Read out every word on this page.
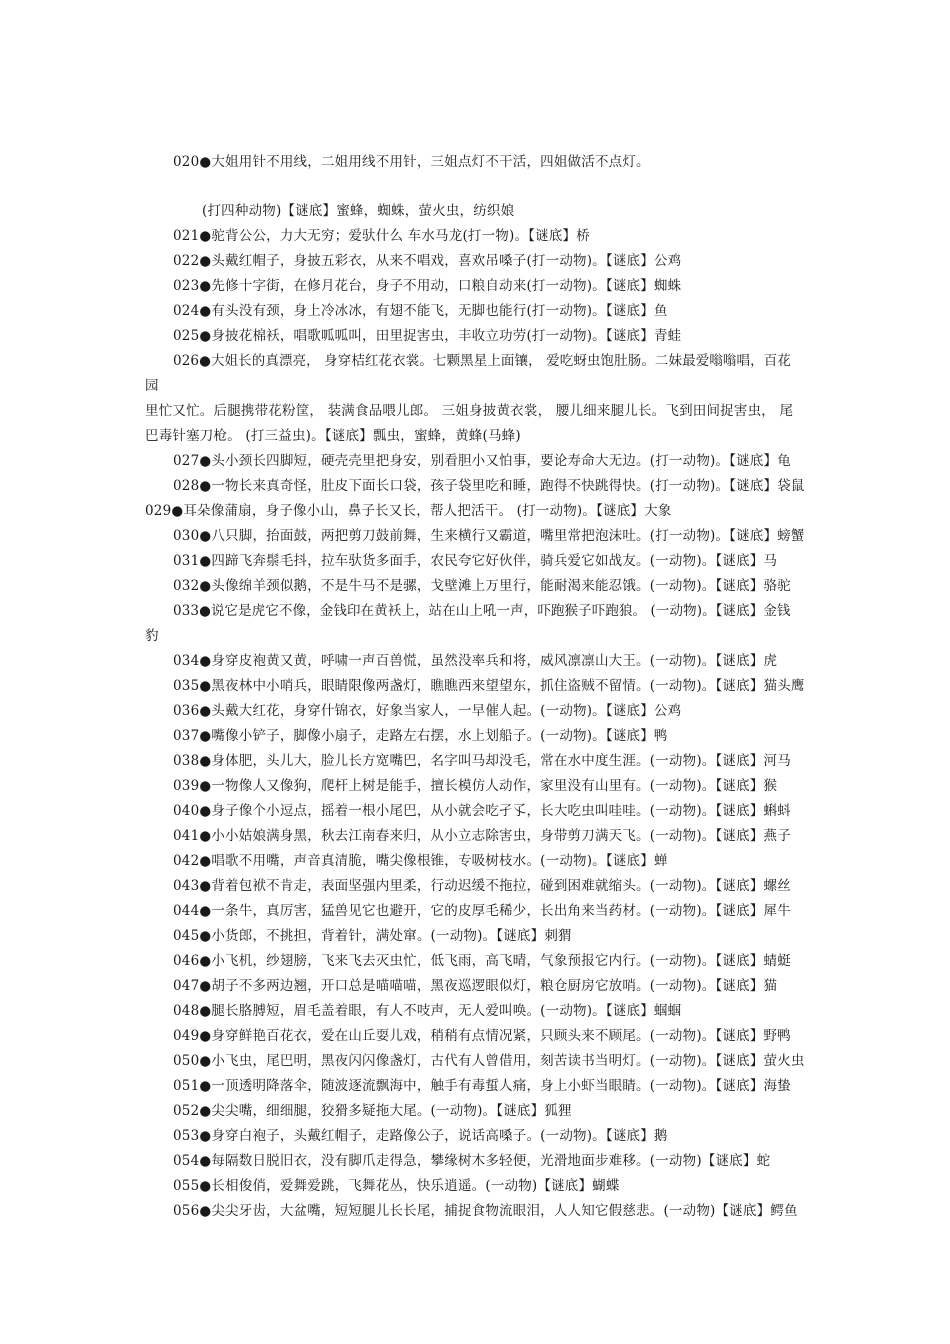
020●大姐用针不用线，二姐用线不用针，三姐点灯不干活，四姐做活不点灯。
(打四种动物)【谜底】蜜蜂，蜘蛛，萤火虫，纺织娘
021●驼背公公，力大无穷；爱驮什么 车水马龙(打一物)。【谜底】桥
022●头戴红帽子，身披五彩衣，从来不唱戏，喜欢吊嗓子(打一动物)。【谜底】公鸡
023●先修十字街，在修月花台，身子不用动，口粮自动来(打一动物)。【谜底】蜘蛛
024●有头没有颈，身上冷冰冰，有翅不能飞，无脚也能行(打一动物)。【谜底】鱼
025●身披花棉袄，唱歌呱呱叫，田里捉害虫，丰收立功劳(打一动物)。【谜底】青蛙
026●大姐长的真漂亮， 身穿桔红花衣裳。七颗黑星上面镶， 爱吃蚜虫饱肚肠。二妹最爱嗡嗡唱，百花
园
里忙又忙。后腿携带花粉筐， 装满食品喂儿郎。 三姐身披黄衣裳， 腰儿细来腿儿长。飞到田间捉害虫， 尾
巴毒针塞刀枪。 (打三益虫)。【谜底】瓢虫，蜜蜂，黄蜂(马蜂)
027●头小颈长四脚短，硬壳壳里把身安，别看胆小又怕事，要论寿命大无边。(打一动物)。【谜底】龟
028●一物长来真奇怪，肚皮下面长口袋，孩子袋里吃和睡，跑得不快跳得快。(打一动物)。【谜底】袋鼠
029●耳朵像蒲扇，身子像小山，鼻子长又长，帮人把活干。 (打一动物)。【谜底】大象
030●八只脚，抬面鼓，两把剪刀鼓前舞，生来横行又霸道，嘴里常把泡沫吐。(打一动物)。【谜底】螃蟹
031●四蹄飞奔鬃毛抖，拉车驮货多面手，农民夸它好伙伴，骑兵爱它如战友。(一动物)。【谜底】马
032●头像绵羊颈似鹅，不是牛马不是骡，戈壁滩上万里行，能耐渴来能忍饿。(一动物)。【谜底】骆驼
033●说它是虎它不像，金钱印在黄袄上，站在山上吼一声，吓跑猴子吓跑狼。 (一动物)。【谜底】金钱
豹
034●身穿皮袍黄又黄，呼啸一声百兽慌，虽然没率兵和将，威风凛凛山大王。(一动物)。【谜底】虎
035●黑夜林中小哨兵，眼睛限像两盏灯，瞧瞧西来望望东，抓住盗贼不留情。(一动物)。【谜底】猫头鹰
036●头戴大红花，身穿什锦衣，好象当家人，一早催人起。(一动物)。【谜底】公鸡
037●嘴像小铲子，脚像小扇子，走路左右摆，水上划船子。(一动物)。【谜底】鸭
038●身体肥，头儿大，脸儿长方宽嘴巴，名字叫马却没毛，常在水中度生涯。(一动物)。【谜底】河马
039●一物像人又像狗，爬杆上树是能手，擅长模仿人动作，家里没有山里有。(一动物)。【谜底】猴
040●身子像个小逗点，摇着一根小尾巴，从小就会吃孑孓，长大吃虫叫哇哇。(一动物)。【谜底】蝌蚪
041●小小姑娘满身黑，秋去江南春来归，从小立志除害虫，身带剪刀满天飞。(一动物)。【谜底】燕子
042●唱歌不用嘴，声音真清脆，嘴尖像根锥，专吸树枝水。(一动物)。【谜底】蝉
043●背着包袱不肯走，表面坚强内里柔，行动迟缓不拖拉，碰到困难就缩头。(一动物)。【谜底】螺丝
044●一条牛，真厉害，猛兽见它也避开，它的皮厚毛稀少，长出角来当药材。(一动物)。【谜底】犀牛
045●小货郎，不挑担，背着针，满处窜。(一动物)。【谜底】刺猬
046●小飞机，纱翅膀，飞来飞去灭虫忙，低飞雨，高飞晴，气象预报它内行。(一动物)。【谜底】蜻蜓
047●胡子不多两边翘，开口总是喵喵喵，黑夜巡逻眼似灯，粮仓厨房它放哨。(一动物)。【谜底】猫
048●腿长胳膊短，眉毛盖着眼，有人不吱声，无人爱叫唤。(一动物)。【谜底】蝈蝈
049●身穿鲜艳百花衣，爱在山丘耍儿戏，稍稍有点情况紧，只顾头来不顾尾。(一动物)。【谜底】野鸭
050●小飞虫，尾巴明，黑夜闪闪像盏灯，古代有人曾借用，刻苦读书当明灯。(一动物)。【谜底】萤火虫
051●一顶透明降落伞，随波逐流飘海中，触手有毒蜇人痛，身上小虾当眼睛。(一动物)。【谜底】海蛰
052●尖尖嘴，细细腿，狡猾多疑拖大尾。(一动物)。【谜底】狐狸
053●身穿白袍子，头戴红帽子，走路像公子，说话高嗓子。(一动物)。【谜底】鹅
054●每隔数日脱旧衣，没有脚爪走得急，攀缘树木多轻便，光滑地面步难移。(一动物)【谜底】蛇
055●长相俊俏，爱舞爱跳，飞舞花丛，快乐逍遥。(一动物)【谜底】蝴蝶
056●尖尖牙齿，大盆嘴，短短腿儿长长尾，捕捉食物流眼泪，人人知它假慈悲。(一动物)【谜底】鳄鱼
